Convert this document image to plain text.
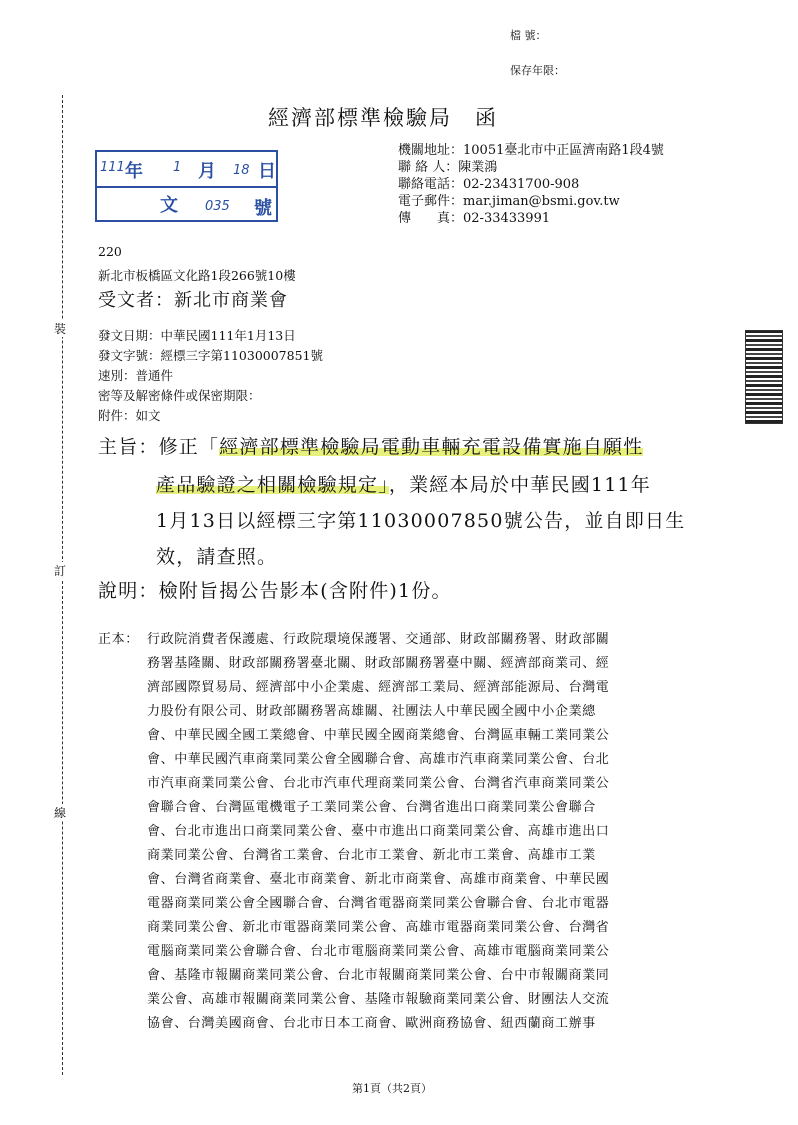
檔 號：
保存年限：
經濟部標準檢驗局　函
機關地址：10051臺北市中正區濟南路1段4號
聯 絡 人：陳業鴻
聯絡電話：02-23431700-908
電子郵件：mar.jiman@bsmi.gov.tw
傳　　真：02-33433991
111 年 1 月 18 日
文 035 號
裝
訂
線
220
新北市板橋區文化路1段266號10樓
受文者：新北市商業會
發文日期：中華民國111年1月13日
發文字號：經標三字第11030007851號
速別：普通件
密等及解密條件或保密期限：
附件：如文
主旨：修正「經濟部標準檢驗局電動車輛充電設備實施自願性
產品驗證之相關檢驗規定」，業經本局於中華民國111年
1月13日以經標三字第11030007850號公告，並自即日生
效，請查照。
說明：檢附旨揭公告影本(含附件)1份。
正本： 行政院消費者保護處、行政院環境保護署、交通部、財政部關務署、財政部關
務署基隆關、財政部關務署臺北關、財政部關務署臺中關、經濟部商業司、經
濟部國際貿易局、經濟部中小企業處、經濟部工業局、經濟部能源局、台灣電
力股份有限公司、財政部關務署高雄關、社團法人中華民國全國中小企業總
會、中華民國全國工業總會、中華民國全國商業總會、台灣區車輛工業同業公
會、中華民國汽車商業同業公會全國聯合會、高雄市汽車商業同業公會、台北
市汽車商業同業公會、台北市汽車代理商業同業公會、台灣省汽車商業同業公
會聯合會、台灣區電機電子工業同業公會、台灣省進出口商業同業公會聯合
會、台北市進出口商業同業公會、臺中市進出口商業同業公會、高雄市進出口
商業同業公會、台灣省工業會、台北市工業會、新北市工業會、高雄市工業
會、台灣省商業會、臺北市商業會、新北市商業會、高雄市商業會、中華民國
電器商業同業公會全國聯合會、台灣省電器商業同業公會聯合會、台北市電器
商業同業公會、新北市電器商業同業公會、高雄市電器商業同業公會、台灣省
電腦商業同業公會聯合會、台北市電腦商業同業公會、高雄市電腦商業同業公
會、基隆市報關商業同業公會、台北市報關商業同業公會、台中市報關商業同
業公會、高雄市報關商業同業公會、基隆市報驗商業同業公會、財團法人交流
協會、台灣美國商會、台北市日本工商會、歐洲商務協會、紐西蘭商工辦事
第1頁（共2頁）
